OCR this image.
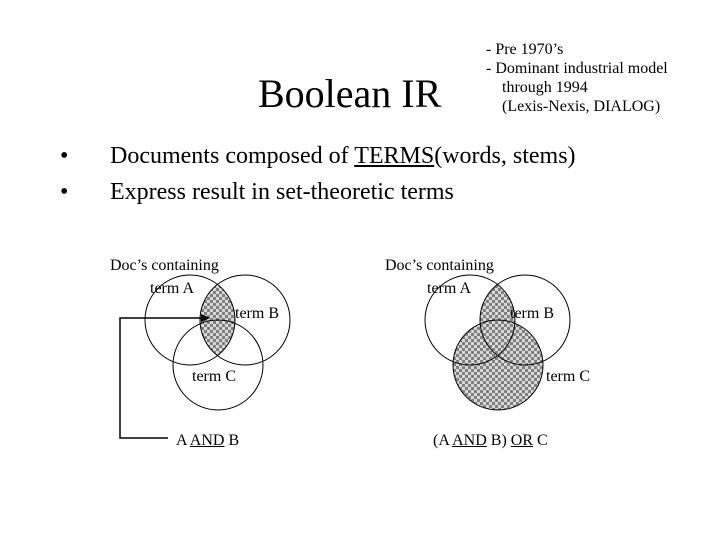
Boolean IR
- Pre 1970’s
- Dominant industrial model
through 1994
(Lexis-Nexis, DIALOG)
• Documents composed of TERMS(words, stems)
• Express result in set-theoretic terms
Doc’s containing
term A
term B
term C
A AND B
Doc’s containing
term A
term B
term C
(A AND B) OR C
